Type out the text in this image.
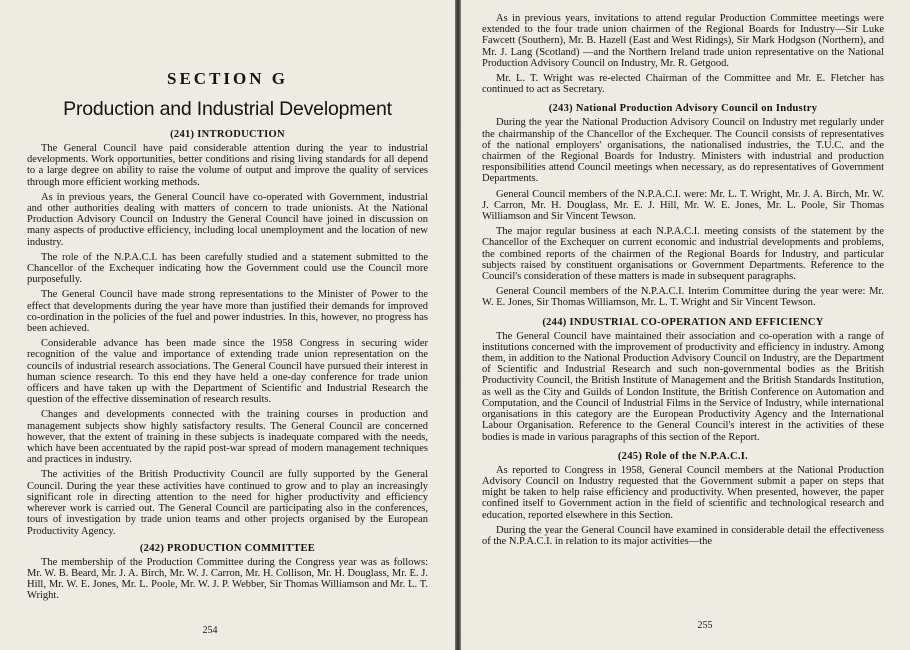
SECTION G
Production and Industrial Development
(241) INTRODUCTION

The General Council have paid considerable attention during the year to industrial developments. Work opportunities, better conditions and rising living standards for all depend to a large degree on ability to raise the volume of output and improve the quality of services through more efficient working methods.

As in previous years, the General Council have co-operated with Government, industrial and other authorities dealing with matters of concern to trade unionists. At the National Production Advisory Council on Industry the General Council have joined in discussion on many aspects of productive efficiency, including local unemployment and the location of new industry.

The role of the N.P.A.C.I. has been carefully studied and a statement submitted to the Chancellor of the Exchequer indicating how the Government could use the Council more purposefully.

The General Council have made strong representations to the Minister of Power to the effect that developments during the year have more than justified their demands for improved co-ordination in the policies of the fuel and power industries. In this, however, no progress has been achieved.

Considerable advance has been made since the 1958 Congress in securing wider recognition of the value and importance of extending trade union representation on the councils of industrial research associations. The General Council have pursued their interest in human science research. To this end they have held a one-day conference for trade union officers and have taken up with the Department of Scientific and Industrial Research the question of the effective dissemination of research results.

Changes and developments connected with the training courses in production and management subjects show highly satisfactory results. The General Council are concerned however, that the extent of training in these subjects is inadequate compared with the needs, which have been accentuated by the rapid post-war spread of modern management techniques and practices in industry.

The activities of the British Productivity Council are fully supported by the General Council. During the year these activities have continued to grow and to play an increasingly significant role in directing attention to the need for higher productivity and efficiency wherever work is carried out. The General Council are participating also in the conferences, tours of investigation by trade union teams and other projects organised by the European Productivity Agency.

(242) PRODUCTION COMMITTEE

The membership of the Production Committee during the Congress year was as follows: Mr. W. B. Beard, Mr. J. A. Birch, Mr. W. J. Carron, Mr. H. Collison, Mr. H. Douglass, Mr. E. J. Hill, Mr. W. E. Jones, Mr. L. Poole, Mr. W. J. P. Webber, Sir Thomas Williamson and Mr. L. T. Wright.

254

As in previous years, invitations to attend regular Production Committee meetings were extended to the four trade union chairmen of the Regional Boards for Industry—Sir Luke Fawcett (Southern), Mr. B. Hazell (East and West Ridings), Sir Mark Hodgson (Northern), and Mr. J. Lang (Scotland) —and the Northern Ireland trade union representative on the National Production Advisory Council on Industry, Mr. R. Getgood.

Mr. L. T. Wright was re-elected Chairman of the Committee and Mr. E. Fletcher has continued to act as Secretary.

(243) National Production Advisory Council on Industry

During the year the National Production Advisory Council on Industry met regularly under the chairmanship of the Chancellor of the Exchequer. The Council consists of representatives of the national employers' organisations, the nationalised industries, the T.U.C. and the chairmen of the Regional Boards for Industry. Ministers with industrial and production responsibilities attend Council meetings when necessary, as do representatives of Government Departments.

General Council members of the N.P.A.C.I. were: Mr. L. T. Wright, Mr. J. A. Birch, Mr. W. J. Carron, Mr. H. Douglass, Mr. E. J. Hill, Mr. W. E. Jones, Mr. L. Poole, Sir Thomas Williamson and Sir Vincent Tewson.

The major regular business at each N.P.A.C.I. meeting consists of the statement by the Chancellor of the Exchequer on current economic and industrial developments and problems, the combined reports of the chairmen of the Regional Boards for Industry, and particular subjects raised by constituent organisations or Government Departments. Reference to the Council's consideration of these matters is made in subsequent paragraphs.

General Council members of the N.P.A.C.I. Interim Committee during the year were: Mr. W. E. Jones, Sir Thomas Williamson, Mr. L. T. Wright and Sir Vincent Tewson.

(244) INDUSTRIAL CO-OPERATION AND EFFICIENCY

The General Council have maintained their association and co-operation with a range of institutions concerned with the improvement of productivity and efficiency in industry. Among them, in addition to the National Production Advisory Council on Industry, are the Department of Scientific and Industrial Research and such non-governmental bodies as the British Productivity Council, the British Institute of Management and the British Standards Institution, as well as the City and Guilds of London Institute, the British Conference on Automation and Computation, and the Council of Industrial Films in the Service of Industry, while international organisations in this category are the European Productivity Agency and the International Labour Organisation. Reference to the General Council's interest in the activities of these bodies is made in various paragraphs of this section of the Report.

(245) Role of the N.P.A.C.I.

As reported to Congress in 1958, General Council members at the National Production Advisory Council on Industry requested that the Government submit a paper on steps that might be taken to help raise efficiency and productivity. When presented, however, the paper confined itself to Government action in the field of scientific and technological research and education, reported elsewhere in this Section.

During the year the General Council have examined in considerable detail the effectiveness of the N.P.A.C.I. in relation to its major activities—the

255
